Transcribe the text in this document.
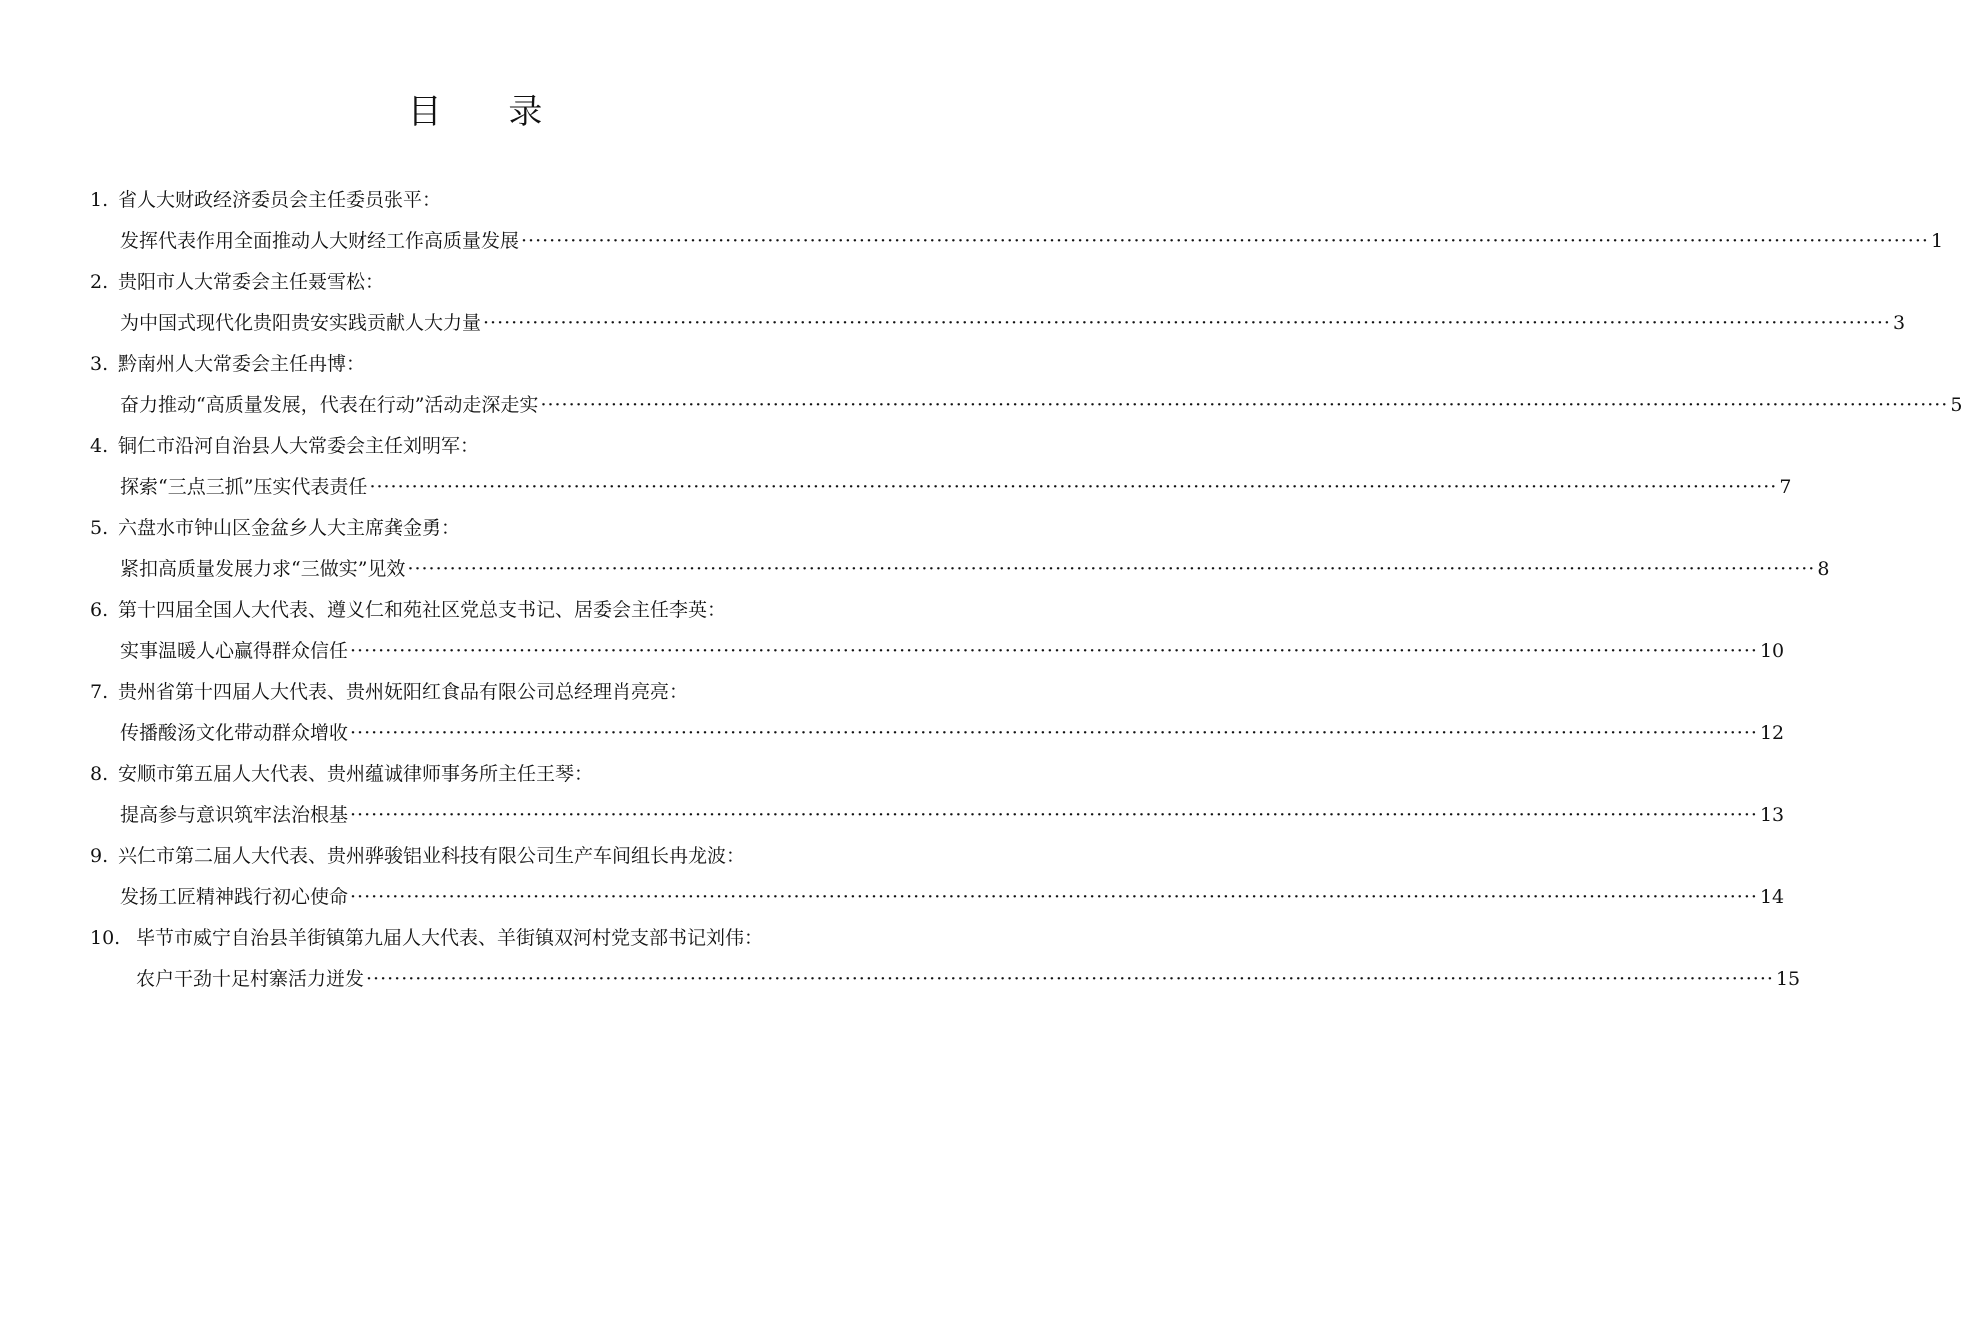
目 录
1. 省人大财政经济委员会主任委员张平：
发挥代表作用全面推动人大财经工作高质量发展 ········································································································································································································ 1
2. 贵阳市人大常委会主任聂雪松：
为中国式现代化贵阳贵安实践贡献人大力量 ········································································································································································································ 3
3. 黔南州人大常委会主任冉博：
奋力推动“高质量发展，代表在行动”活动走深走实 ········································································································································································································ 5
4. 铜仁市沿河自治县人大常委会主任刘明军：
探索“三点三抓”压实代表责任 ········································································································································································································ 7
5. 六盘水市钟山区金盆乡人大主席龚金勇：
紧扣高质量发展力求“三做实”见效 ········································································································································································································ 8
6. 第十四届全国人大代表、遵义仁和苑社区党总支书记、居委会主任李英：
实事温暖人心赢得群众信任 ········································································································································································································ 10
7. 贵州省第十四届人大代表、贵州妩阳红食品有限公司总经理肖亮亮：
传播酸汤文化带动群众增收 ········································································································································································································ 12
8. 安顺市第五届人大代表、贵州蕴诚律师事务所主任王琴：
提高参与意识筑牢法治根基 ········································································································································································································ 13
9. 兴仁市第二届人大代表、贵州骅骏铝业科技有限公司生产车间组长冉龙波：
发扬工匠精神践行初心使命 ········································································································································································································ 14
10. 毕节市威宁自治县羊街镇第九届人大代表、羊街镇双河村党支部书记刘伟：
农户干劲十足村寨活力迸发 ········································································································································································································ 15
